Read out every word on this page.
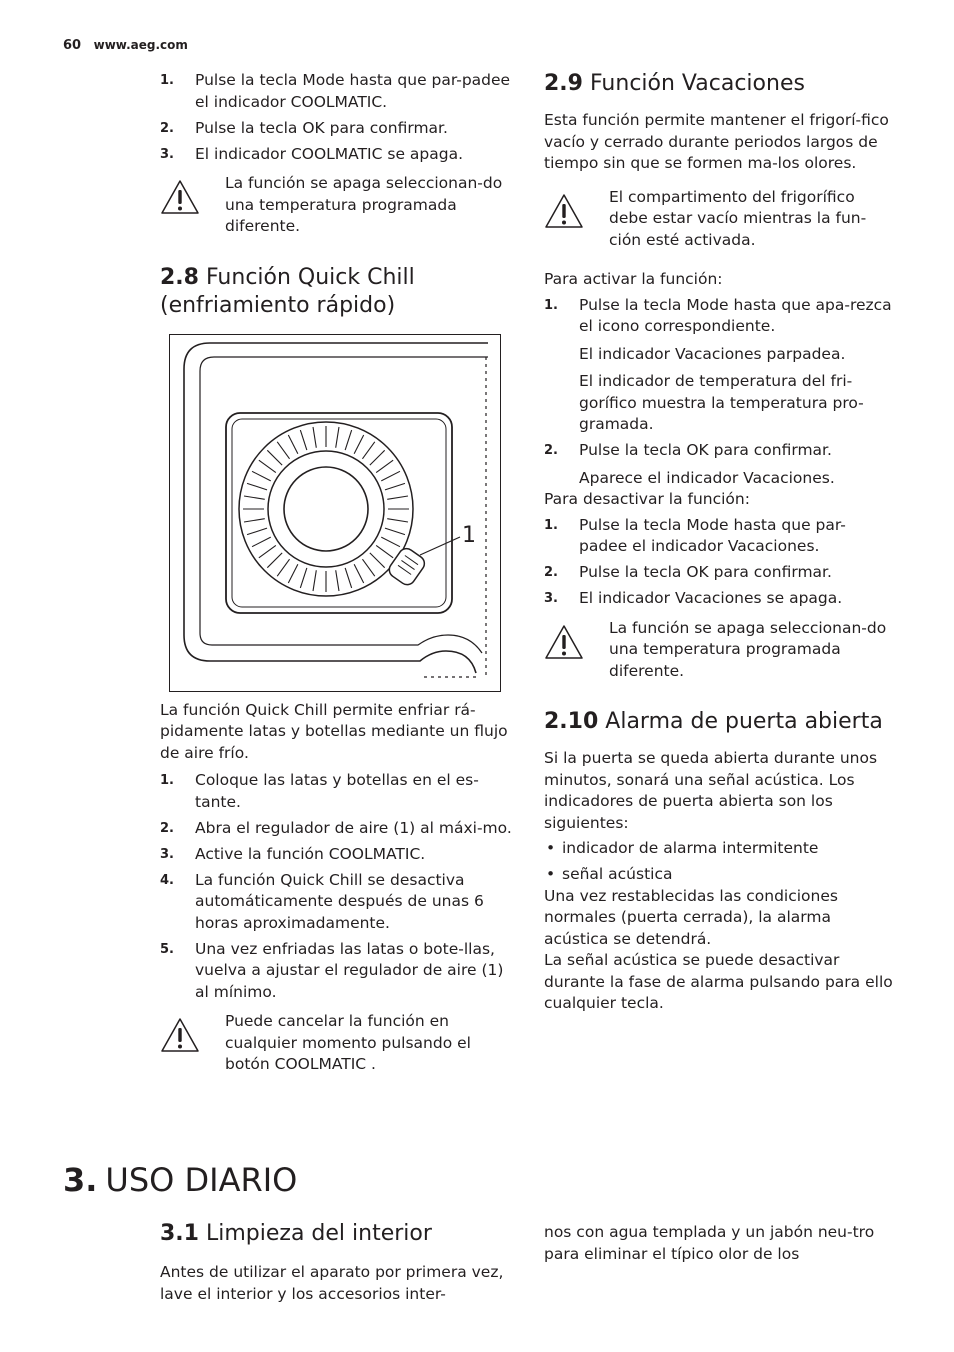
60 www.aeg.com
1. Pulse la tecla Mode hasta que par-padee el indicador COOLMATIC.
2. Pulse la tecla OK para confirmar.
3. El indicador COOLMATIC se apaga.

La función se apaga seleccionan-do una temperatura programada diferente.

2.8 Función Quick Chill (enfriamiento rápido)
1

La función Quick Chill permite enfriar rá-pidamente latas y botellas mediante un flujo de aire frío.

1. Coloque las latas y botellas en el es-tante.
2. Abra el regulador de aire (1) al máxi-mo.
3. Active la función COOLMATIC.
4. La función Quick Chill se desactiva automáticamente después de unas 6 horas aproximadamente.
5. Una vez enfriadas las latas o bote-llas, vuelva a ajustar el regulador de aire (1) al mínimo.

Puede cancelar la función en cualquier momento pulsando el botón COOLMATIC .

2.9 Función Vacaciones

Esta función permite mantener el frigorí-fico vacío y cerrado durante periodos largos de tiempo sin que se formen ma-los olores.

El compartimento del frigorífico debe estar vacío mientras la fun-ción esté activada.

Para activar la función:

1. Pulse la tecla Mode hasta que apa-rezca el icono correspondiente.
El indicador Vacaciones parpadea.
El indicador de temperatura del fri-gorífico muestra la temperatura pro-gramada.
2. Pulse la tecla OK para confirmar.
Aparece el indicador Vacaciones.

Para desactivar la función:

1. Pulse la tecla Mode hasta que par-padee el indicador Vacaciones.
2. Pulse la tecla OK para confirmar.
3. El indicador Vacaciones se apaga.

La función se apaga seleccionan-do una temperatura programada diferente.

2.10 Alarma de puerta abierta

Si la puerta se queda abierta durante unos minutos, sonará una señal acústica. Los indicadores de puerta abierta son los siguientes:

• indicador de alarma intermitente
• señal acústica

Una vez restablecidas las condiciones normales (puerta cerrada), la alarma acústica se detendrá.

La señal acústica se puede desactivar durante la fase de alarma pulsando para ello cualquier tecla.

3. USO DIARIO
3.1 Limpieza del interior

Antes de utilizar el aparato por primera vez, lave el interior y los accesorios inter-

nos con agua templada y un jabón neu-tro para eliminar el típico olor de los
